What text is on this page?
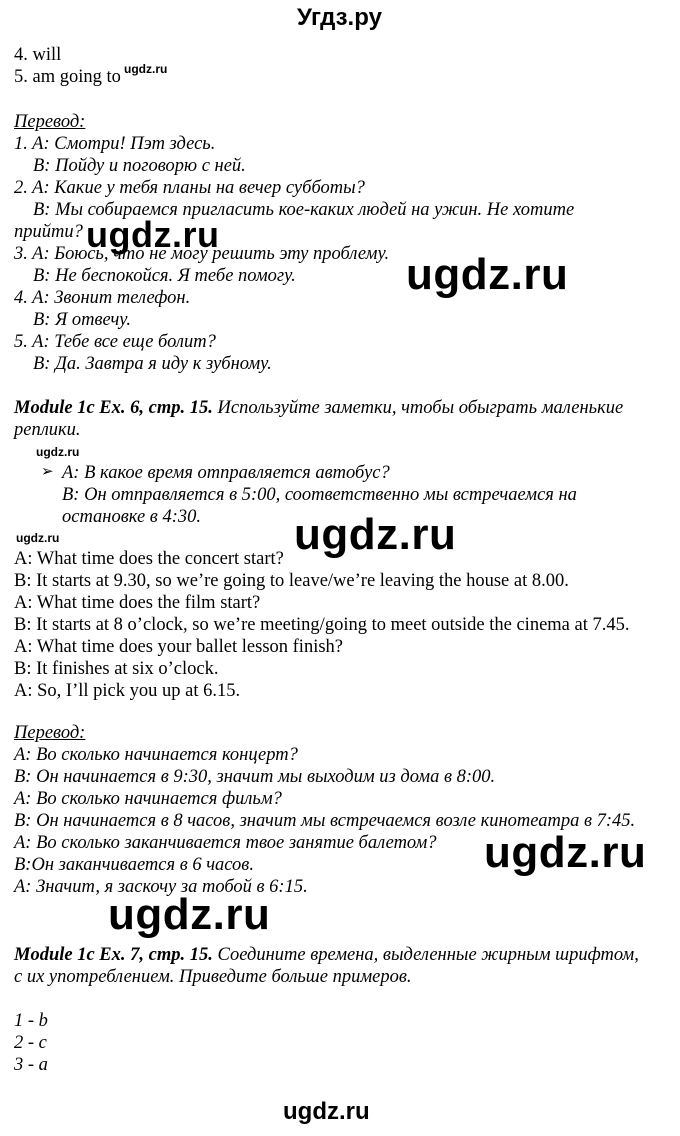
Угдз.ру
4. will
5. am going to ugdz.ru
Перевод:
1. A: Смотри! Пэт здесь.
B: Пойду и поговорю с ней.
2. A: Какие у тебя планы на вечер субботы?
B: Мы собираемся пригласить кое-каких людей на ужин. Не хотите
прийти?
3. A: Боюсь, что не могу решить эту проблему.
B: Не беспокойся. Я тебе помогу.
4. A: Звонит телефон.
B: Я отвечу.
5. A: Тебе все еще болит?
B: Да. Завтра я иду к зубному.
ugdz.ru
ugdz.ru
Module 1c Ex. 6, стр. 15. Используйте заметки, чтобы обыграть маленькие
реплики.
ugdz.ru
➢ A: В какое время отправляется автобус?
B: Он отправляется в 5:00, соответственно мы встречаемся на
остановке в 4:30.
ugdz.ru	ugdz.ru
A: What time does the concert start?
B: It starts at 9.30, so we’re going to leave/we’re leaving the house at 8.00.
A: What time does the film start?
B: It starts at 8 o’clock, so we’re meeting/going to meet outside the cinema at 7.45.
A: What time does your ballet lesson finish?
B: It finishes at six o’clock.
A: So, I’ll pick you up at 6.15.
Перевод:
A: Во сколько начинается концерт?
B: Он начинается в 9:30, значит мы выходим из дома в 8:00.
A: Во сколько начинается фильм?
B: Он начинается в 8 часов, значит мы встречаемся возле кинотеатра в 7:45.
A: Во сколько заканчивается твое занятие балетом?
B:Он заканчивается в 6 часов.
A: Значит, я заскочу за тобой в 6:15.
ugdz.ru
ugdz.ru
Module 1c Ex. 7, стр. 15. Соедините времена, выделенные жирным шрифтом,
с их употреблением. Приведите больше примеров.
1 - b
2 - c
3 - a
ugdz.ru
